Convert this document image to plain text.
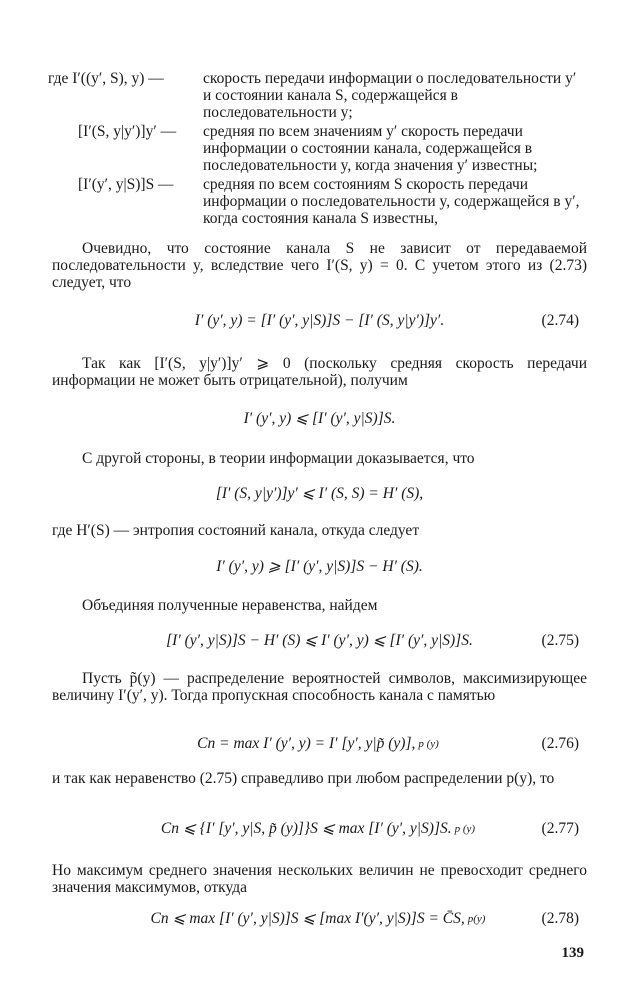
где I′((y′, S), y) —	скорость передачи информации о последовательности y′ и состоянии канала S, содержащейся в последовательности y;
[I′(S, y|y′)]y′ —	средняя по всем значениям y′ скорость передачи информации о состоянии канала, содержащейся в последовательности y, когда значения y′ известны;
[I′(y′, y|S)]S —	средняя по всем состояниям S скорость передачи информации о последовательности y, содержащейся в y′, когда состояния канала S известны,
Очевидно, что состояние канала S не зависит от передаваемой последовательности y, вследствие чего I′(S, y) = 0. С учетом этого из (2.73) следует, что
I′ (y′, y) = [I′ (y′, y|S)]S − [I′ (S, y|y′)]y′.	(2.74)
Так как [I′(S, y|y′)]y′ ⩾ 0 (поскольку средняя скорость передачи информации не может быть отрицательной), получим
I′ (y′, y) ⩽ [I′ (y′, y|S)]S.
С другой стороны, в теории информации доказывается, что
[I′ (S, y|y′)]y′ ⩽ I′ (S, S) = H′ (S),
где H′(S) — энтропия состояний канала, откуда следует
I′ (y′, y) ⩾ [I′ (y′, y|S)]S − H′ (S).
Объединяя полученные неравенства, найдем
[I′ (y′, y|S)]S − H′ (S) ⩽ I′ (y′, y) ⩽ [I′ (y′, y|S)]S.	(2.75)
Пусть p̃(y) — распределение вероятностей символов, максимизирующее величину I′(y′, y). Тогда пропускная способность канала с памятью
Cп = max I′ (y′, y) = I′ [y′, y|p̃ (y)], p (y)	(2.76)
и так как неравенство (2.75) справедливо при любом распределении p(y), то
Cп ⩽ {I′ [y′, y|S, p̃ (y)]}S ⩽ max [I′ (y′, y|S)]S. p (y)	(2.77)
Но максимум среднего значения нескольких величин не превосходит среднего значения максимумов, откуда
Cп ⩽ max [I′ (y′, y|S)]S ⩽ [max I′(y′, y|S)]S = C̄S, p(y)	(2.78)
139
